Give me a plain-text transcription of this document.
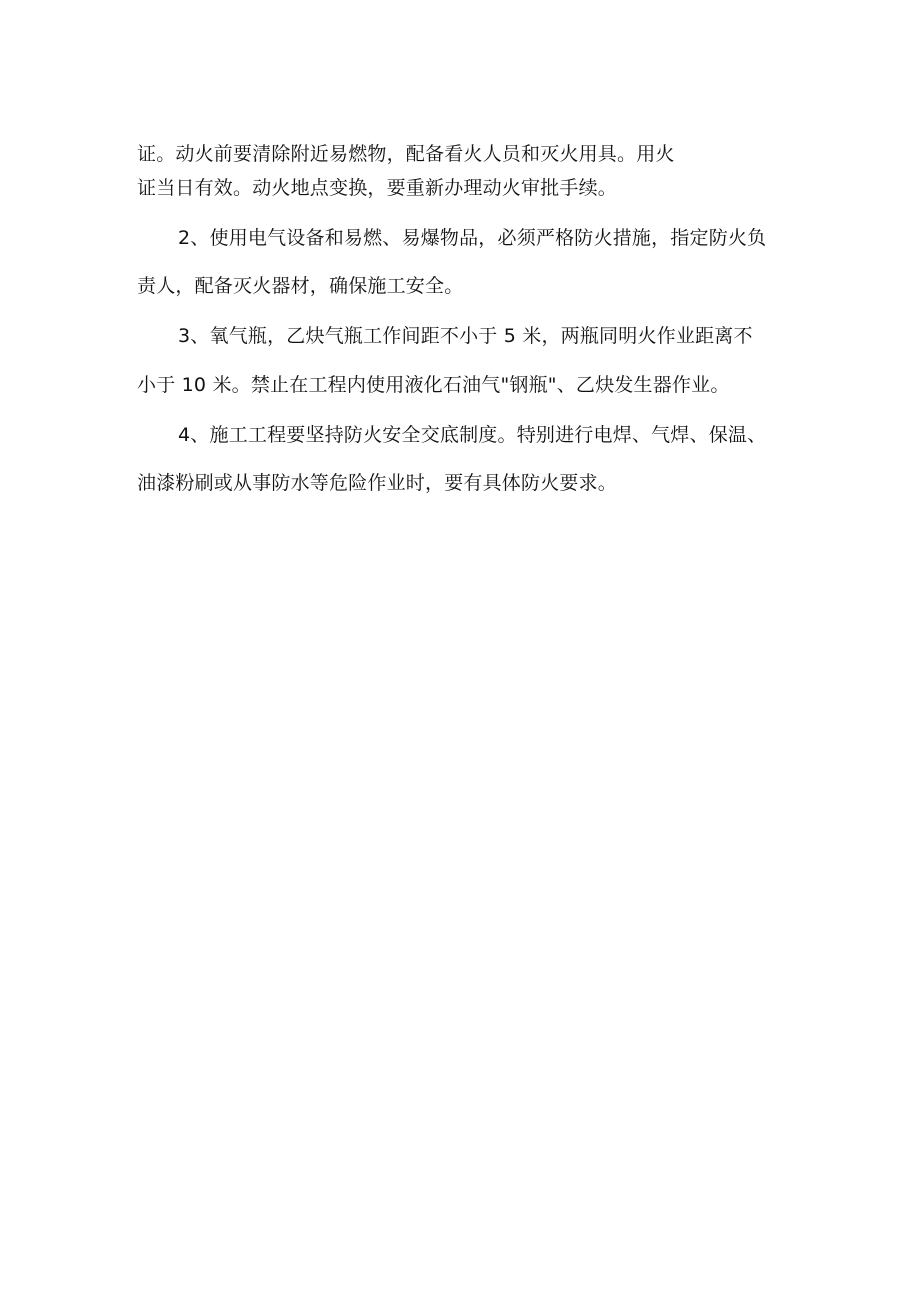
证。动火前要清除附近易燃物，配备看火人员和灭火用具。用火
证当日有效。动火地点变换，要重新办理动火审批手续。
2、使用电气设备和易燃、易爆物品，必须严格防火措施，指定防火负
责人，配备灭火器材，确保施工安全。
3、氧气瓶，乙炔气瓶工作间距不小于 5 米，两瓶同明火作业距离不
小于 10 米。禁止在工程内使用液化石油气"钢瓶"、乙炔发生器作业。
4、施工工程要坚持防火安全交底制度。特别进行电焊、气焊、保温、
油漆粉刷或从事防水等危险作业时，要有具体防火要求。
